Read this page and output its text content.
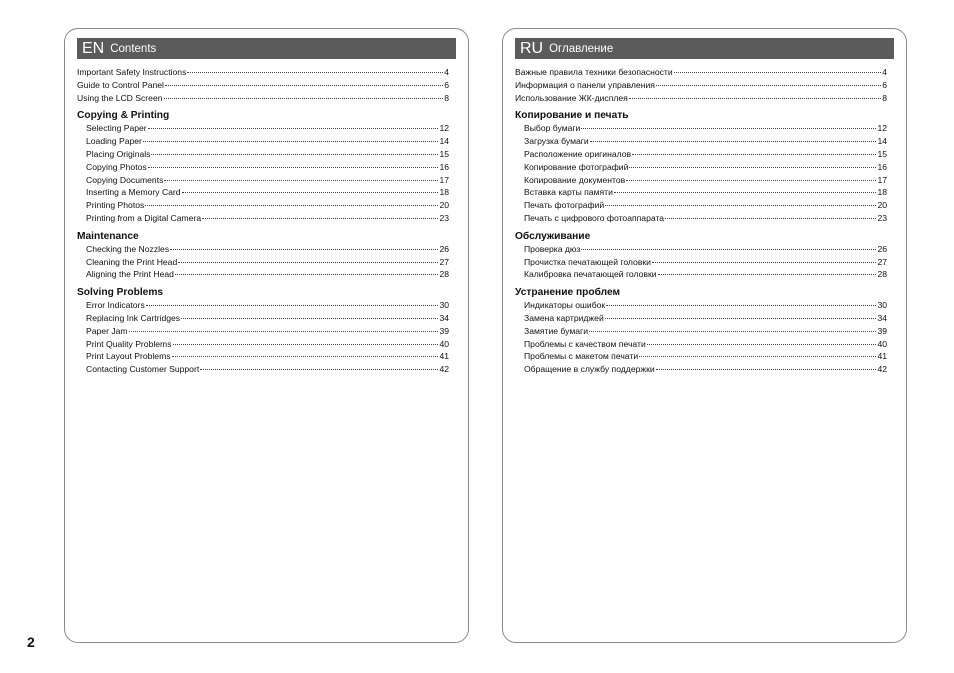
EN Contents
Important Safety Instructions	4
Guide to Control Panel	6
Using the LCD Screen	8
Copying & Printing
Selecting Paper	12
Loading Paper	14
Placing Originals	15
Copying Photos	16
Copying Documents	17
Inserting a Memory Card	18
Printing Photos	20
Printing from a Digital Camera	23
Maintenance
Checking the Nozzles	26
Cleaning the Print Head	27
Aligning the Print Head	28
Solving Problems
Error Indicators	30
Replacing Ink Cartridges	34
Paper Jam	39
Print Quality Problems	40
Print Layout Problems	41
Contacting Customer Support	42
RU Оглавление
Важные правила техники безопасности	4
Информация о панели управления	6
Использование ЖК-дисплея	8
Копирование и печать
Выбор бумаги	12
Загрузка бумаги	14
Расположение оригиналов	15
Копирование фотографий	16
Копирование документов	17
Вставка карты памяти	18
Печать фотографий	20
Печать с цифрового фотоаппарата	23
Обслуживание
Проверка дюз	26
Прочистка печатающей головки	27
Калибровка печатающей головки	28
Устранение проблем
Индикаторы ошибок	30
Замена картриджей	34
Замятие бумаги	39
Проблемы с качеством печати	40
Проблемы с макетом печати	41
Обращение в службу поддержки	42
2
